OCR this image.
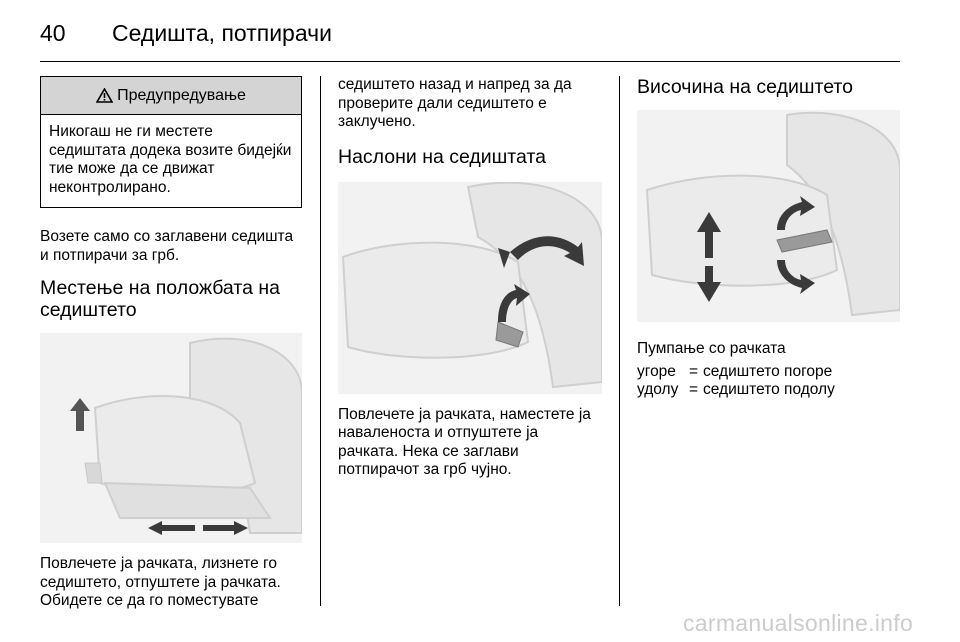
40 Седишта, потпирачи
Предупредување
Никогаш не ги местете седиштата додека возите бидејќи тие може да се движат неконтролирано.

Возете само со заглавени седишта и потпирачи за грб.

Местење на положбата на седиштето

Повлечете ја рачката, лизнете го седиштето, отпуштете ја рачката. Обидете се да го поместувате

седиштето назад и напред за да проверите дали седиштето е заклучено.

Наслони на седиштата

Повлечете ја рачката, наместете ја наваленоста и отпуштете ја рачката. Нека се заглави потпирачот за грб чујно.

Височина на седиштето

Пумпање со рачката

угоре	=	седиштето погоре
удолу	=	седиштето подолу
carmanualsonline.info
